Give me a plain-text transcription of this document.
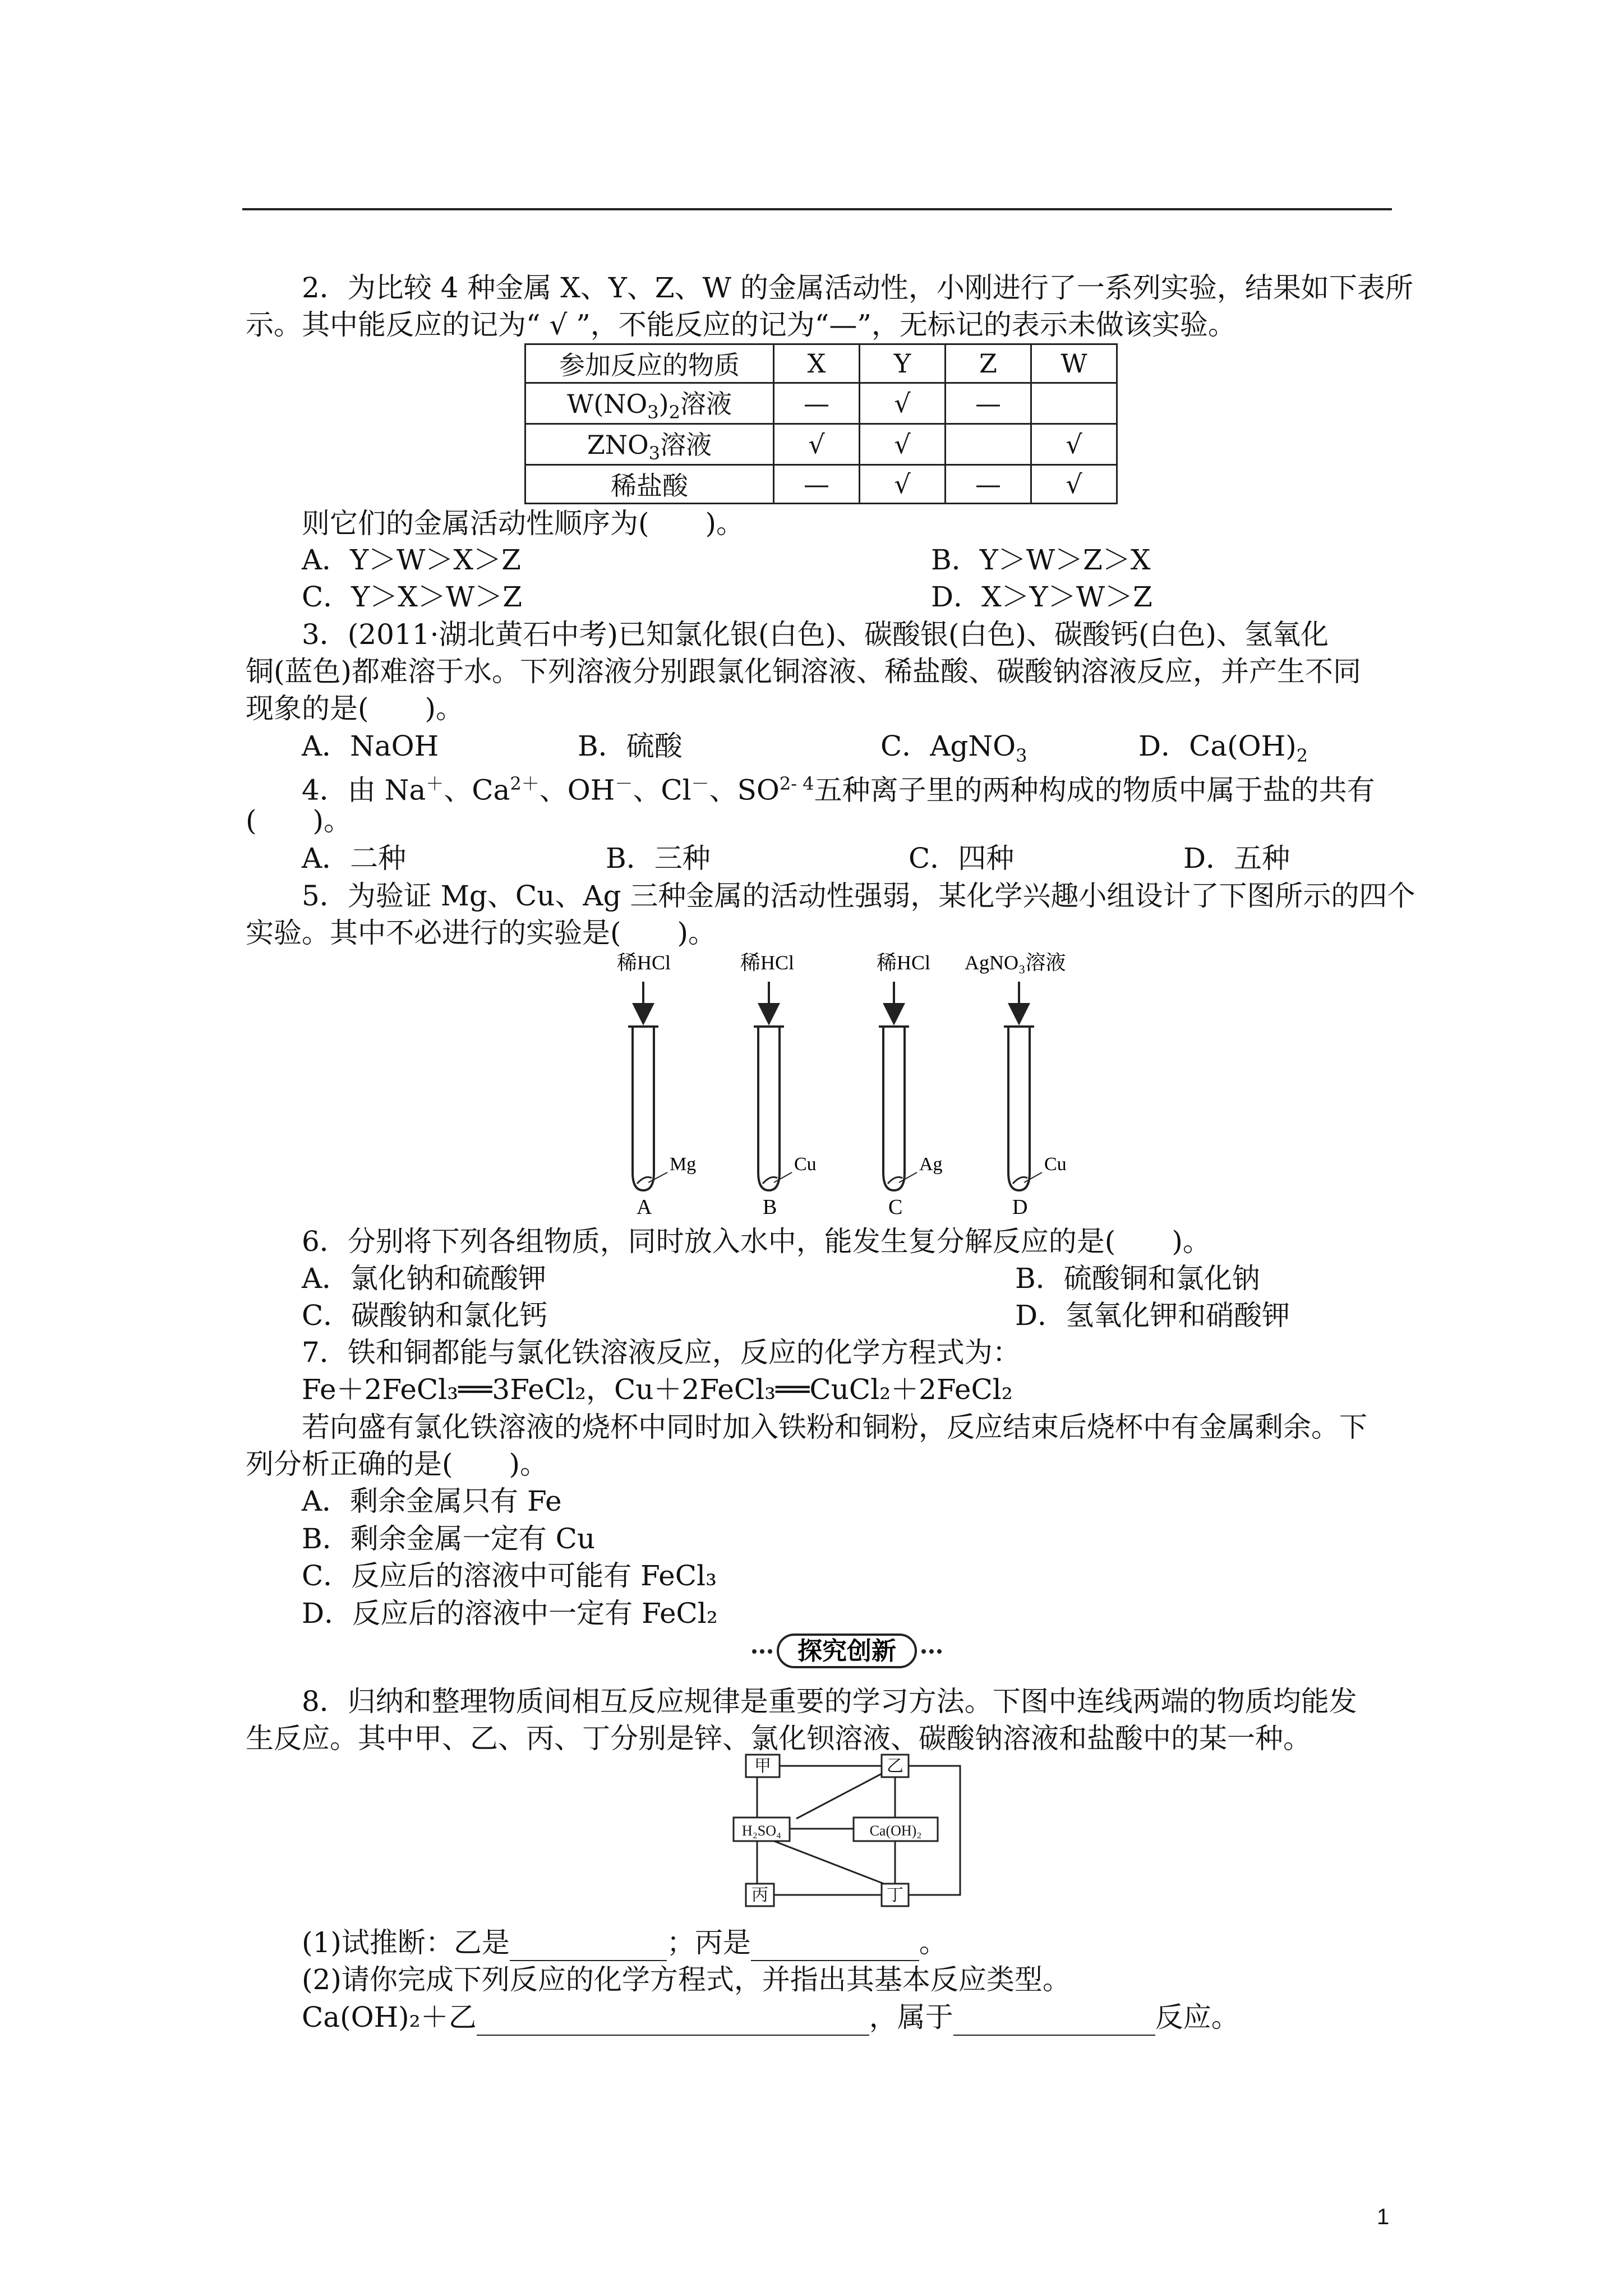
2．为比较 4 种金属 X、Y、Z、W 的金属活动性，小刚进行了一系列实验，结果如下表所
示。其中能反应的记为“ √ ”，不能反应的记为“—”，无标记的表示未做该实验。
参加反应的物质	X	Y	Z	W
$W(NO_3)_2$溶液	—	√	—	
$ZNO_3$溶液	√	√		√
稀盐酸	—	√	—	√
则它们的金属活动性顺序为(　　)。
A．Y＞W＞X＞Z	B．Y＞W＞Z＞X
C．Y＞X＞W＞Z	D．X＞Y＞W＞Z
3．(2011·湖北黄石中考)已知氯化银(白色)、碳酸银(白色)、碳酸钙(白色)、氢氧化
铜(蓝色)都难溶于水。下列溶液分别跟氯化铜溶液、稀盐酸、碳酸钠溶液反应，并产生不同
现象的是(　　)。
A．NaOH	B．硫酸	C．AgNO$_3$	D．$Ca(OH)_2$
4．由 Na＋、$Ca^{2+}$、OH－、Cl－、SO$^{2- 4}$五种离子里的两种构成的物质中属于盐的共有
(　　)。
A．二种	B．三种	C．四种	D．五种
5．为验证 Mg、Cu、Ag 三种金属的活动性强弱，某化学兴趣小组设计了下图所示的四个
实验。其中不必进行的实验是(　　)。
稀HCl
Mg
A
稀HCl
Cu
B
稀HCl
Ag
C
AgNO₃溶液
Cu
D
6．分别将下列各组物质，同时放入水中，能发生复分解反应的是(　　)。
A．氯化钠和硫酸钾	B．硫酸铜和氯化钠
C．碳酸钠和氯化钙	D．氢氧化钾和硝酸钾
7．铁和铜都能与氯化铁溶液反应，反应的化学方程式为：
Fe＋2FeCl₃══3FeCl₂，Cu＋2FeCl₃══CuCl₂＋2FeCl₂
若向盛有氯化铁溶液的烧杯中同时加入铁粉和铜粉，反应结束后烧杯中有金属剩余。下
列分析正确的是(　　)。
A．剩余金属只有 Fe
B．剩余金属一定有 Cu
C．反应后的溶液中可能有 FeCl₃
D．反应后的溶液中一定有 FeCl₂
探究创新
8．归纳和整理物质间相互反应规律是重要的学习方法。下图中连线两端的物质均能发
生反应。其中甲、乙、丙、丁分别是锌、氯化钡溶液、碳酸钠溶液和盐酸中的某一种。
甲	乙
H₂SO₄	Ca(OH)₂
丙	丁
(1)试推断：乙是	；丙是	。
(2)请你完成下列反应的化学方程式，并指出其基本反应类型。
Ca(OH)₂＋乙	，属于	反应。
1
